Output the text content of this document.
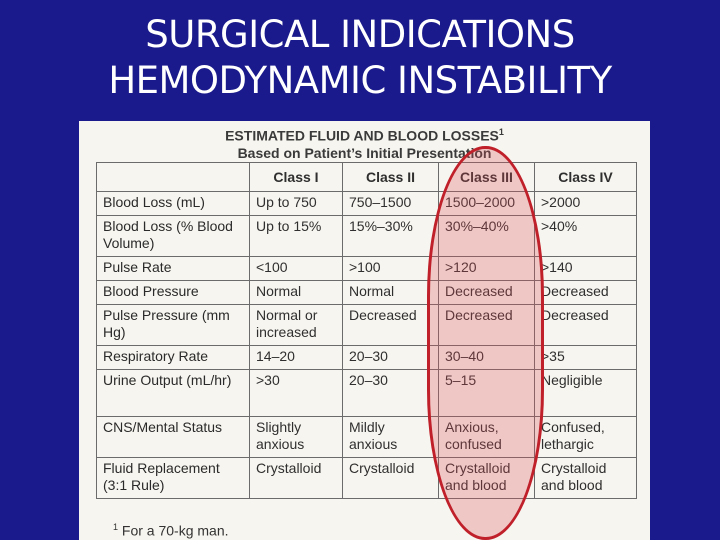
SURGICAL INDICATIONS
HEMODYNAMIC INSTABILITY
ESTIMATED FLUID AND BLOOD LOSSES$^1$
Based on Patient’s Initial Presentation
	Class I	Class II	Class III	Class IV
Blood Loss (mL)	Up to 750	750–1500	1500–2000	>2000
Blood Loss (% Blood Volume)	Up to 15%	15%–30%	30%–40%	>40%
Pulse Rate	<100	>100	>120	>140
Blood Pressure	Normal	Normal	Decreased	Decreased
Pulse Pressure (mm Hg)	Normal or increased	Decreased	Decreased	Decreased
Respiratory Rate	14–20	20–30	30–40	>35
Urine Output (mL/hr)	>30	20–30	5–15	Negligible
CNS/Mental Status	Slightly anxious	Mildly anxious	Anxious, confused	Confused, lethargic
Fluid Replacement (3:1 Rule)	Crystalloid	Crystalloid	Crystalloid and blood	Crystalloid and blood
$^1$ For a 70-kg man.
